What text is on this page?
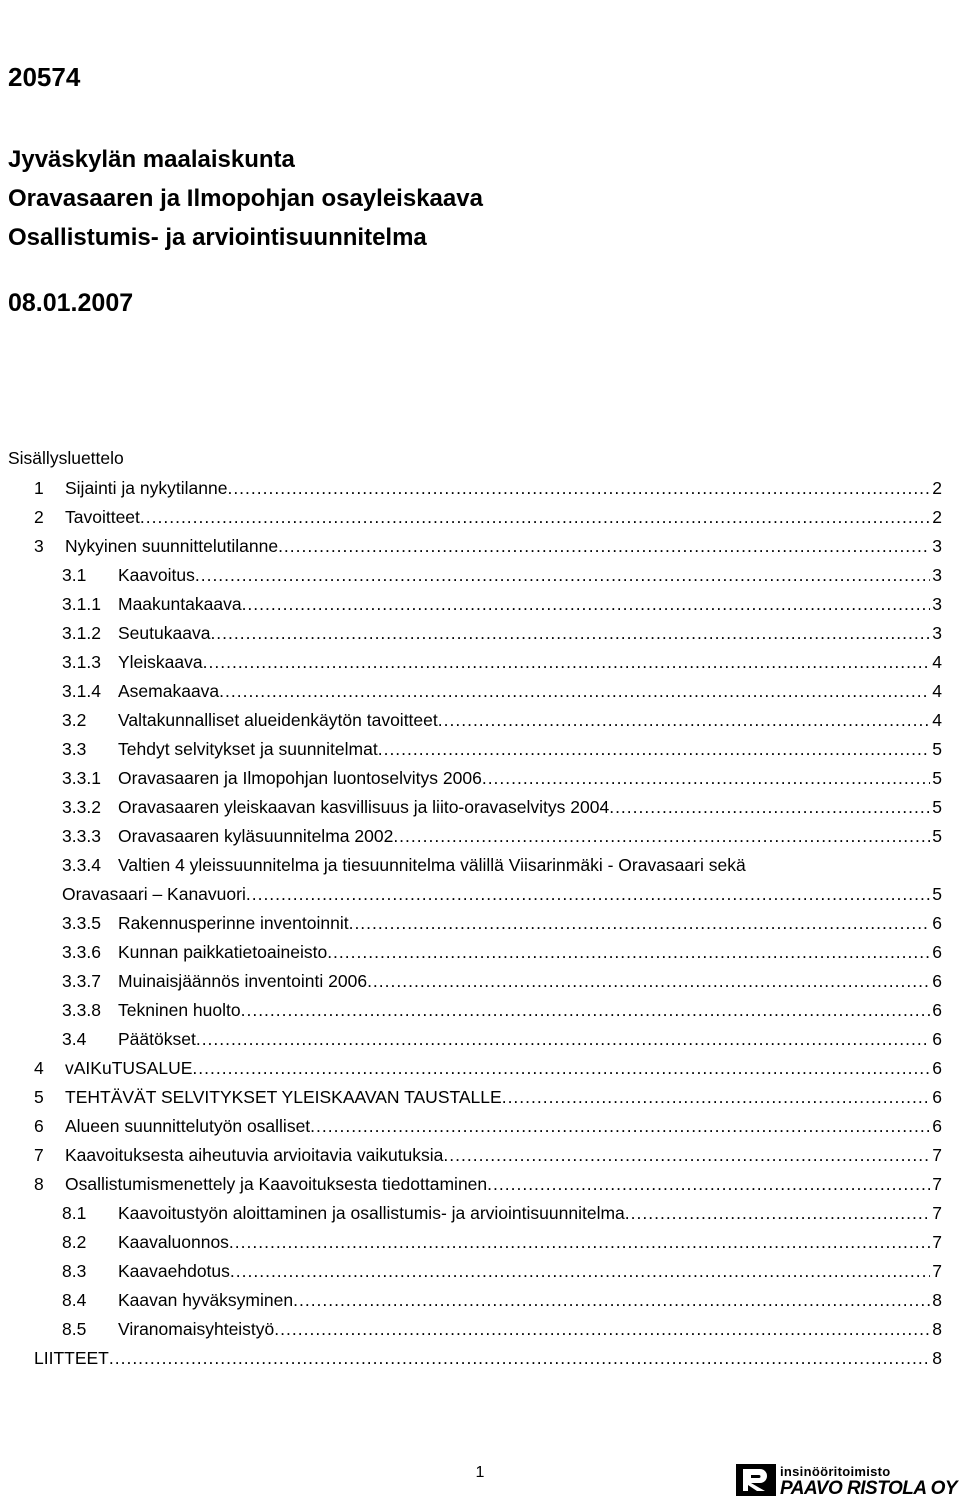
20574
Jyväskylän maalaiskunta
Oravasaaren ja Ilmopohjan osayleiskaava
Osallistumis- ja arviointisuunnitelma
08.01.2007
Sisällysluettelo
1	Sijainti ja nykytilanne .....	2
2	Tavoitteet .....	2
3	Nykyinen suunnittelutilanne .....	3
3.1	Kaavoitus .....	3
3.1.1 Maakuntakaava .....	3
3.1.2 Seutukaava .....	3
3.1.3 Yleiskaava .....	4
3.1.4 Asemakaava .....	4
3.2	Valtakunnalliset alueidenkäytön tavoitteet .....	4
3.3	Tehdyt selvitykset ja suunnitelmat .....	5
3.3.1 Oravasaaren ja Ilmopohjan luontoselvitys 2006 .....	5
3.3.2 Oravasaaren yleiskaavan kasvillisuus ja liito-oravaselvitys 2004 .....	5
3.3.3 Oravasaaren kyläsuunnitelma 2002 .....	5
3.3.4 Valtien 4 yleissuunnitelma ja tiesuunnitelma välillä Viisarinmäki - Oravasaari sekä
Oravasaari – Kanavuori .....	5
3.3.5 Rakennusperinne inventoinnit .....	6
3.3.6 Kunnan paikkatietoaineisto .....	6
3.3.7 Muinaisjäännös inventointi 2006 .....	6
3.3.8 Tekninen huolto .....	6
3.4	Päätökset .....	6
4	vAIKuTUSALUE .....	6
5	TEHTÄVÄT SELVITYKSET YLEISKAAVAN TAUSTALLE .....	6
6	Alueen suunnittelutyön osalliset .....	6
7	Kaavoituksesta aiheutuvia arvioitavia vaikutuksia .....	7
8	Osallistumismenettely ja Kaavoituksesta tiedottaminen .....	7
8.1	Kaavoitustyön aloittaminen ja osallistumis- ja arviointisuunnitelma .....	7
8.2	Kaavaluonnos .....	7
8.3	Kaavaehdotus .....	7
8.4	Kaavan hyväksyminen .....	8
8.5	Viranomaisyhteistyö .....	8
LIITTEET .....	8
1	insinööritoimisto
PAAVO RISTOLA OY
